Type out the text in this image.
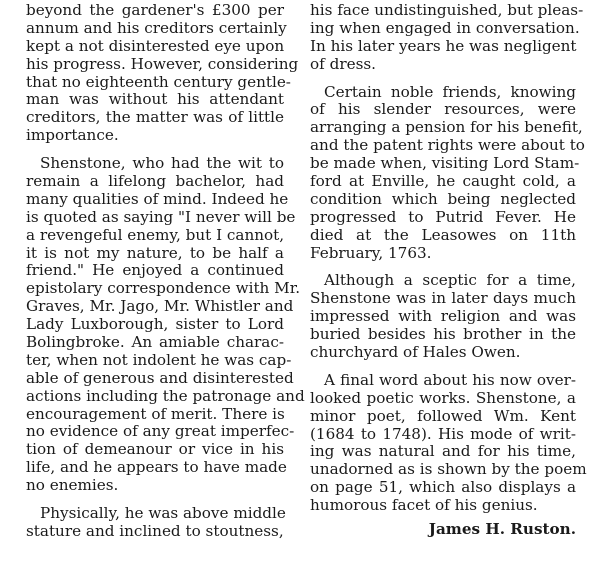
beyond the gardener's £300 per
annum and his creditors certainly
kept a not disinterested eye upon
his progress. However, considering
that no eighteenth century gentle-
man was without his attendant
creditors, the matter was of little
importance.
Shenstone, who had the wit to
remain a lifelong bachelor, had
many qualities of mind. Indeed he
is quoted as saying "I never will be
a revengeful enemy, but I cannot,
it is not my nature, to be half a
friend." He enjoyed a continued
epistolary correspondence with Mr.
Graves, Mr. Jago, Mr. Whistler and
Lady Luxborough, sister to Lord
Bolingbroke. An amiable charac-
ter, when not indolent he was cap-
able of generous and disinterested
actions including the patronage and
encouragement of merit. There is
no evidence of any great imperfec-
tion of demeanour or vice in his
life, and he appears to have made
no enemies.
Physically, he was above middle
stature and inclined to stoutness,
his face undistinguished, but pleas-
ing when engaged in conversation.
In his later years he was negligent
of dress.
Certain noble friends, knowing
of his slender resources, were
arranging a pension for his benefit,
and the patent rights were about to
be made when, visiting Lord Stam-
ford at Enville, he caught cold, a
condition which being neglected
progressed to Putrid Fever. He
died at the Leasowes on 11th
February, 1763.
Although a sceptic for a time,
Shenstone was in later days much
impressed with religion and was
buried besides his brother in the
churchyard of Hales Owen.
A final word about his now over-
looked poetic works. Shenstone, a
minor poet, followed Wm. Kent
(1684 to 1748). His mode of writ-
ing was natural and for his time,
unadorned as is shown by the poem
on page 51, which also displays a
humorous facet of his genius.
James H. Ruston.
